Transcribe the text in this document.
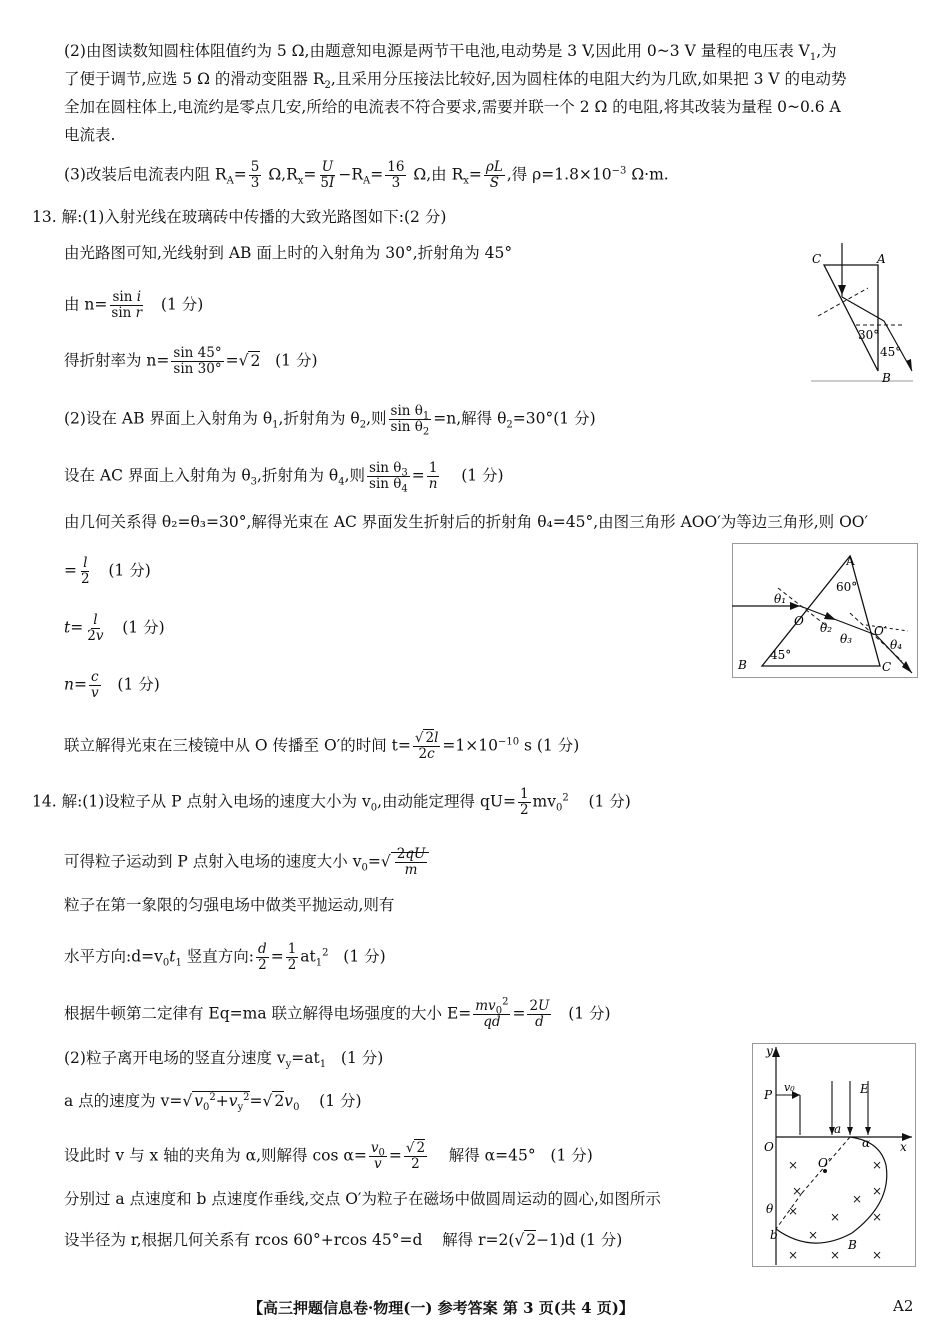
(2)由图读数知圆柱体阻值约为 5 Ω,由题意知电源是两节干电池,电动势是 3 V,因此用 0~3 V 量程的电压表 $V_1$,为
了便于调节,应选 5 Ω 的滑动变阻器 $R_2$,且采用分压接法比较好,因为圆柱体的电阻大约为几欧,如果把 3 V 的电动势
全加在圆柱体上,电流约是零点几安,所给的电流表不符合要求,需要并联一个 2 Ω 的电阻,将其改装为量程 0~0.6 A
电流表.
(3)改装后电流表内阻 $R_A= \frac{5}{3} \Omega,R_x= \frac{U}{5I} -R_A= \frac{16}{3} \Omega$,由 $R_x= \frac{\rho L}{S}$ ,得 $\rho=1.8\times 10^{-3}$ Ω·m.
13. 解:(1)入射光线在玻璃砖中传播的大致光路图如下:(2 分)
由光路图可知,光线射到 AB 面上时的入射角为 30°,折射角为 45°
由 $n= \frac{\text{sin i}}{\text{sin r}} (1$ 分)
得折射率为 $n= \frac{\sin 45^\circ}{\sin 30^\circ}$ =√ 2 (1 分)
(2)设在 AB 界面上入射角为 $\theta_1$,折射角为 $\theta_2$,则 $\frac{\sin \theta_1}{\sin \theta_2} =n$,解得 $\theta_2=30^\circ(1$ 分)
设在 AC 界面上入射角为 $\theta_3$,折射角为 $\theta_4$,则 $\frac{\sin \theta_3}{\sin \theta_4} = \frac{1}{n} (1$ 分)
由几何关系得 θ₂=θ₃=30°,解得光束在 AC 界面发生折射后的折射角 θ₄=45°,由图三角形 AOO′为等边三角形,则 OO′
= $\frac{l}{2} (1$ 分)
$t= \frac{l}{2v} (1$ 分)
$n= \frac{c}{v} (1$ 分)
联立解得光束在三棱镜中从 O 传播至 O′的时间 $t= \frac{√ 2l}{2c} =1\times 10^{-10}$ s (1 分)
C	A
30°
45°
B
A
60°
θ₁
O θ₂
θ₃
O′
θ₄
B
45°
C
14. 解:(1)设粒子从 P 点射入电场的速度大小为 $v_0$,由动能定理得 $qU= \frac{1}{2} mv_0^2$ (1 分)
可得粒子运动到 P 点射入电场的速度大小 $v_0=√ \frac{2qU}{m}$
粒子在第一象限的匀强电场中做类平抛运动,则有
水平方向$:d=v_0t_1$ 竖直方向: $\frac{d}{2} = \frac{1}{2} at_1^2$ (1 分)
根据牛顿第二定律有 Eq=ma 联立解得电场强度的大小 $E= \frac{mv_0^2}{qd} = \frac{2U}{d} (1$ 分)
(2)粒子离开电场的竖直分速度 $v_y=at_1$ (1 分)
a 点的速度为 v=√ $v_0^2+v_y^2=√$ $2v_0$ (1 分)
设此时 v 与 x 轴的夹角为 α,则解得 $\cos \alpha= \frac{v_0}{v} = \frac{√ 2}{2}$ 解得 α=45° (1 分)
分别过 a 点速度和 b 点速度作垂线,交点 O′为粒子在磁场中做圆周运动的圆心,如图所示
设半径为 r,根据几何关系有 rcos 60°+rcos 45°=d 解得 r=2(√ 2−1)d (1 分)
×
×
×
×	×	×
×
×	×	×
×
×
y
P
v₀	E
O
a
α x
O′
θ
b
B
【高三押题信息卷·物理(一) 参考答案 第 3 页(共 4 页)】	A2
